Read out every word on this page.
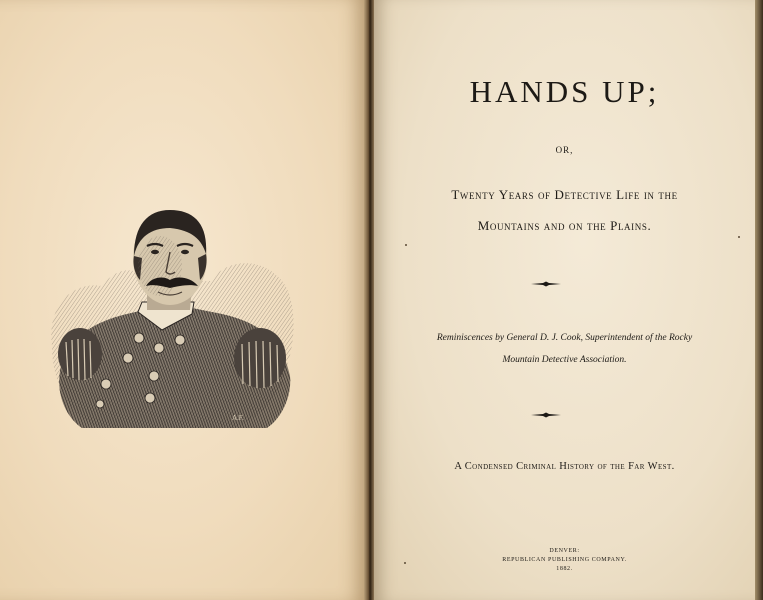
A.F.
HANDS UP;

OR,

Twenty Years of Detective Life in the

Mountains and on the Plains.

Reminiscences by General D. J. Cook, Superintendent of the Rocky

Mountain Detective Association.

A Condensed Criminal History of the Far West.

DENVER:

REPUBLICAN PUBLISHING COMPANY.

1882.
